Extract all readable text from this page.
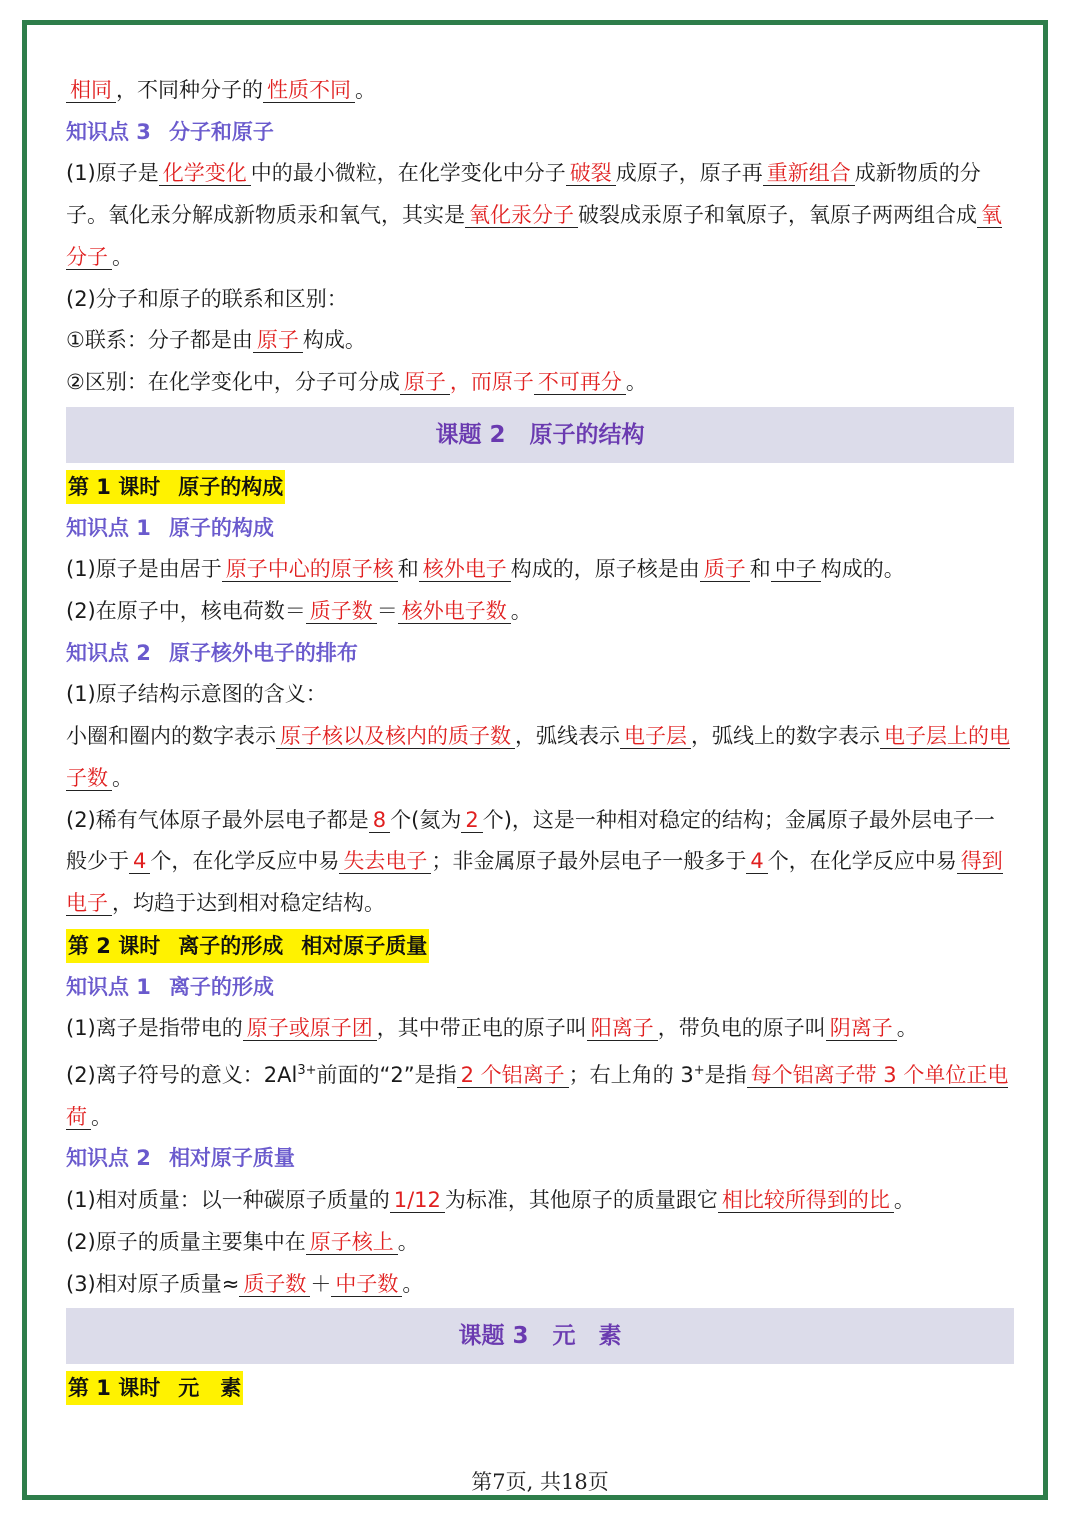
相同 ，不同种分子的 性质不同 。
知识点 3 分子和原子
(1)原子是 化学变化 中的最小微粒，在化学变化中分子 破裂 成原子，原子再 重新组合 成新物质的分子。氧化汞分解成新物质汞和氧气，其实是 氧化汞分子 破裂成汞原子和氧原子，氧原子两两组合成 氧分子 。
(2)分子和原子的联系和区别：
①联系：分子都是由 原子 构成。
②区别：在化学变化中，分子可分成 原子 ，而原子 不可再分 。
课题 2 原子的结构
第 1 课时 原子的构成
知识点 1 原子的构成
(1)原子是由居于 原子中心的原子核 和 核外电子 构成的，原子核是由 质子 和 中子 构成的。
(2)在原子中，核电荷数＝ 质子数 ＝ 核外电子数 。
知识点 2 原子核外电子的排布
(1)原子结构示意图的含义：
小圈和圈内的数字表示 原子核以及核内的质子数 ，弧线表示 电子层 ，弧线上的数字表示 电子层上的电子数 。
(2)稀有气体原子最外层电子都是 8 个(氦为 2 个)，这是一种相对稳定的结构；金属原子最外层电子一般少于 4 个，在化学反应中易 失去电子 ；非金属原子最外层电子一般多于 4 个，在化学反应中易 得到电子 ，均趋于达到相对稳定结构。
第 2 课时 离子的形成 相对原子质量
知识点 1 离子的形成
(1)离子是指带电的 原子或原子团 ，其中带正电的原子叫 阳离子 ，带负电的原子叫 阴离子 。
(2)离子符号的意义：$2Al^{3+}$前面的“2”是指 2 个铝离子 ；右上角的 3+是指 每个铝离子带 3 个单位正电荷 。
知识点 2 相对原子质量
(1)相对质量：以一种碳原子质量的 1/12 为标准，其他原子的质量跟它 相比较所得到的比 。
(2)原子的质量主要集中在 原子核上 。
(3)相对原子质量≈ 质子数 ＋ 中子数 。
课题 3 元　素
第 1 课时 元　素
第7页, 共18页
